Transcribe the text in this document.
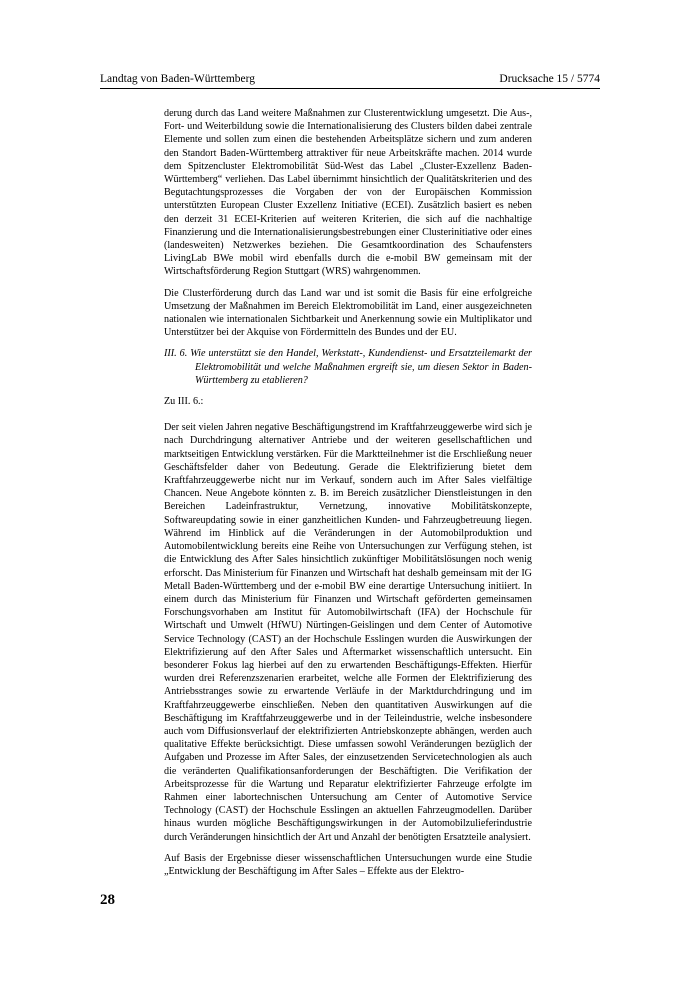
Landtag von Baden-Württemberg	Drucksache 15 / 5774

derung durch das Land weitere Maßnahmen zur Clusterentwicklung umgesetzt. Die Aus-, Fort- und Weiterbildung sowie die Internationalisierung des Clusters bilden dabei zentrale Elemente und sollen zum einen die bestehenden Arbeitsplätze sichern und zum anderen den Standort Baden-Württemberg attraktiver für neue Arbeitskräfte machen. 2014 wurde dem Spitzencluster Elektromobilität Süd-West das Label „Cluster-Exzellenz Baden-Württemberg“ verliehen. Das Label übernimmt hinsichtlich der Qualitätskriterien und des Begutachtungsprozesses die Vorgaben der von der Europäischen Kommission unterstützten European Cluster Exzellenz Initiative (ECEI). Zusätzlich basiert es neben den derzeit 31 ECEI-Kriterien auf weiteren Kriterien, die sich auf die nachhaltige Finanzierung und die Internationalisierungsbestrebungen einer Clusterinitiative oder eines (landesweiten) Netzwerkes beziehen. Die Gesamtkoordination des Schaufensters LivingLab BWe mobil wird ebenfalls durch die e-mobil BW gemeinsam mit der Wirtschaftsförderung Region Stuttgart (WRS) wahrgenommen.

Die Clusterförderung durch das Land war und ist somit die Basis für eine erfolgreiche Umsetzung der Maßnahmen im Bereich Elektromobilität im Land, einer ausgezeichneten nationalen wie internationalen Sichtbarkeit und Anerkennung sowie ein Multiplikator und Unterstützer bei der Akquise von Fördermitteln des Bundes und der EU.

III. 6. Wie unterstützt sie den Handel, Werkstatt-, Kundendienst- und Ersatzteilemarkt der Elektromobilität und welche Maßnahmen ergreift sie, um diesen Sektor in Baden-Württemberg zu etablieren?

Zu III. 6.:

Der seit vielen Jahren negative Beschäftigungstrend im Kraftfahrzeuggewerbe wird sich je nach Durchdringung alternativer Antriebe und der weiteren gesellschaftlichen und marktseitigen Entwicklung verstärken. Für die Marktteilnehmer ist die Erschließung neuer Geschäftsfelder daher von Bedeutung. Gerade die Elektrifizierung bietet dem Kraftfahrzeuggewerbe nicht nur im Verkauf, sondern auch im After Sales vielfältige Chancen. Neue Angebote könnten z. B. im Bereich zusätzlicher Dienstleistungen in den Bereichen Ladeinfrastruktur, Vernetzung, innovative Mobilitätskonzepte, Softwareupdating sowie in einer ganzheitlichen Kunden- und Fahrzeugbetreuung liegen. Während im Hinblick auf die Veränderungen in der Automobilproduktion und Automobilentwicklung bereits eine Reihe von Untersuchungen zur Verfügung stehen, ist die Entwicklung des After Sales hinsichtlich zukünftiger Mobilitätslösungen noch wenig erforscht. Das Ministerium für Finanzen und Wirtschaft hat deshalb gemeinsam mit der IG Metall Baden-Württemberg und der e-mobil BW eine derartige Untersuchung initiiert. In einem durch das Ministerium für Finanzen und Wirtschaft geförderten gemeinsamen Forschungsvorhaben am Institut für Automobilwirtschaft (IFA) der Hochschule für Wirtschaft und Umwelt (HfWU) Nürtingen-Geislingen und dem Center of Automotive Service Technology (CAST) an der Hochschule Esslingen wurden die Auswirkungen der Elektrifizierung auf den After Sales und Aftermarket wissenschaftlich untersucht. Ein besonderer Fokus lag hierbei auf den zu erwartenden Beschäftigungs-Effekten. Hierfür wurden drei Referenzszenarien erarbeitet, welche alle Formen der Elektrifizierung des Antriebsstranges sowie zu erwartende Verläufe in der Marktdurchdringung und im Kraftfahrzeuggewerbe einschließen. Neben den quantitativen Auswirkungen auf die Beschäftigung im Kraftfahrzeuggewerbe und in der Teileindustrie, welche insbesondere auch vom Diffusionsverlauf der elektrifizierten Antriebskonzepte abhängen, werden auch qualitative Effekte berücksichtigt. Diese umfassen sowohl Veränderungen bezüglich der Aufgaben und Prozesse im After Sales, der einzusetzenden Servicetechnologien als auch die veränderten Qualifikationsanforderungen der Beschäftigten. Die Verifikation der Arbeitsprozesse für die Wartung und Reparatur elektrifizierter Fahrzeuge erfolgte im Rahmen einer labortechnischen Untersuchung am Center of Automotive Service Technology (CAST) der Hochschule Esslingen an aktuellen Fahrzeugmodellen. Darüber hinaus wurden mögliche Beschäftigungswirkungen in der Automobilzulieferindustrie durch Veränderungen hinsichtlich der Art und Anzahl der benötigten Ersatzteile analysiert.

Auf Basis der Ergebnisse dieser wissenschaftlichen Untersuchungen wurde eine Studie „Entwicklung der Beschäftigung im After Sales – Effekte aus der Elektro-

28
